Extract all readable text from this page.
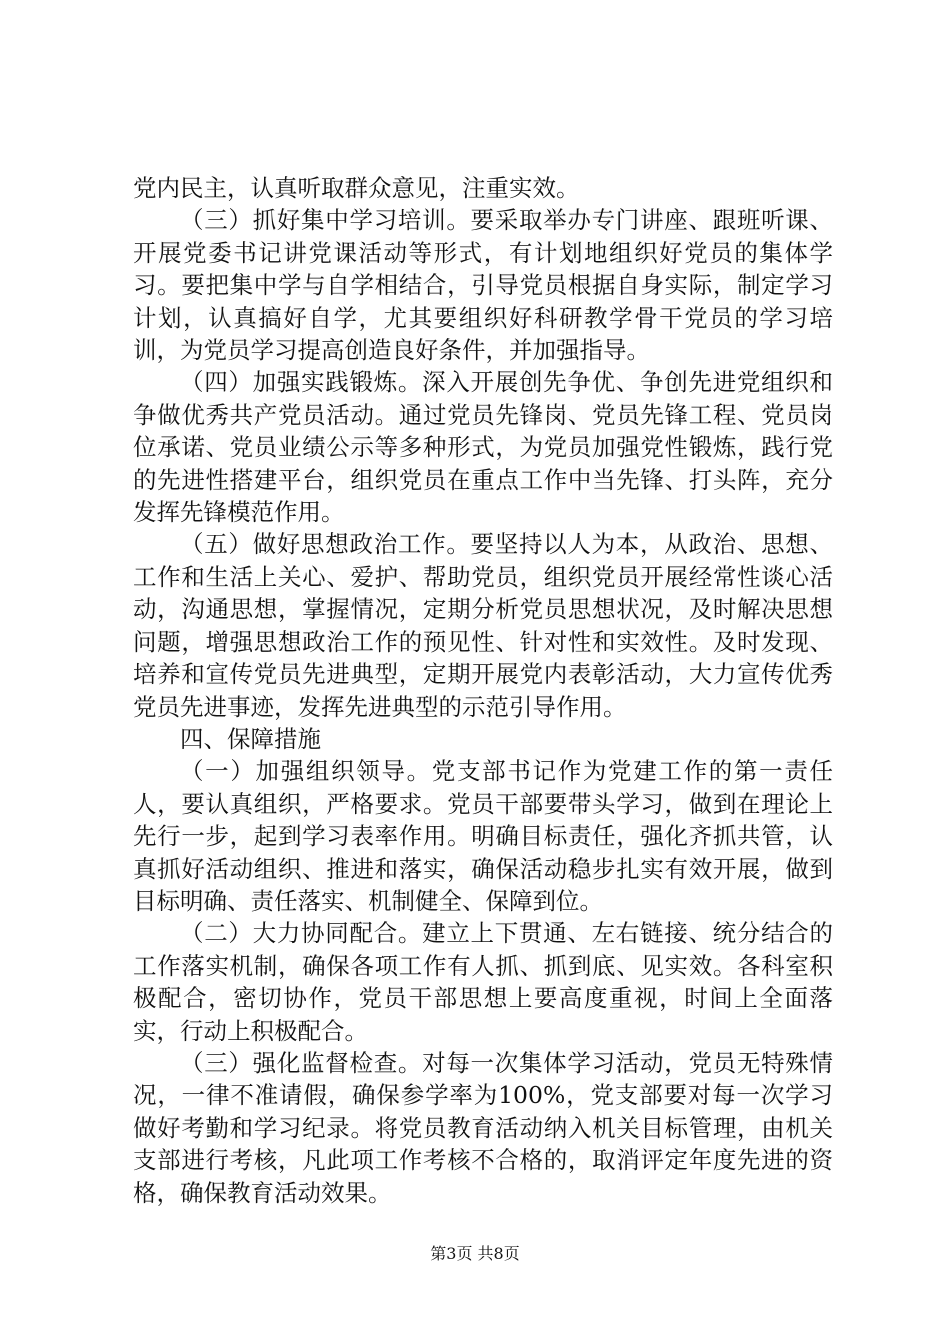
党内民主，认真听取群众意见，注重实效。

（三）抓好集中学习培训。要采取举办专门讲座、跟班听课、开展党委书记讲党课活动等形式，有计划地组织好党员的集体学习。要把集中学与自学相结合，引导党员根据自身实际，制定学习计划，认真搞好自学，尤其要组织好科研教学骨干党员的学习培训，为党员学习提高创造良好条件，并加强指导。

（四）加强实践锻炼。深入开展创先争优、争创先进党组织和争做优秀共产党员活动。通过党员先锋岗、党员先锋工程、党员岗位承诺、党员业绩公示等多种形式，为党员加强党性锻炼，践行党的先进性搭建平台，组织党员在重点工作中当先锋、打头阵，充分发挥先锋模范作用。

（五）做好思想政治工作。要坚持以人为本，从政治、思想、工作和生活上关心、爱护、帮助党员，组织党员开展经常性谈心活动，沟通思想，掌握情况，定期分析党员思想状况，及时解决思想问题，增强思想政治工作的预见性、针对性和实效性。及时发现、培养和宣传党员先进典型，定期开展党内表彰活动，大力宣传优秀党员先进事迹，发挥先进典型的示范引导作用。

四、保障措施

（一）加强组织领导。党支部书记作为党建工作的第一责任人，要认真组织，严格要求。党员干部要带头学习，做到在理论上先行一步，起到学习表率作用。明确目标责任，强化齐抓共管，认真抓好活动组织、推进和落实，确保活动稳步扎实有效开展，做到目标明确、责任落实、机制健全、保障到位。

（二）大力协同配合。建立上下贯通、左右链接、统分结合的工作落实机制，确保各项工作有人抓、抓到底、见实效。各科室积极配合，密切协作，党员干部思想上要高度重视，时间上全面落实，行动上积极配合。

（三）强化监督检查。对每一次集体学习活动，党员无特殊情况，一律不准请假，确保参学率为100%，党支部要对每一次学习做好考勤和学习纪录。将党员教育活动纳入机关目标管理，由机关支部进行考核，凡此项工作考核不合格的，取消评定年度先进的资格，确保教育活动效果。

第3页 共8页
